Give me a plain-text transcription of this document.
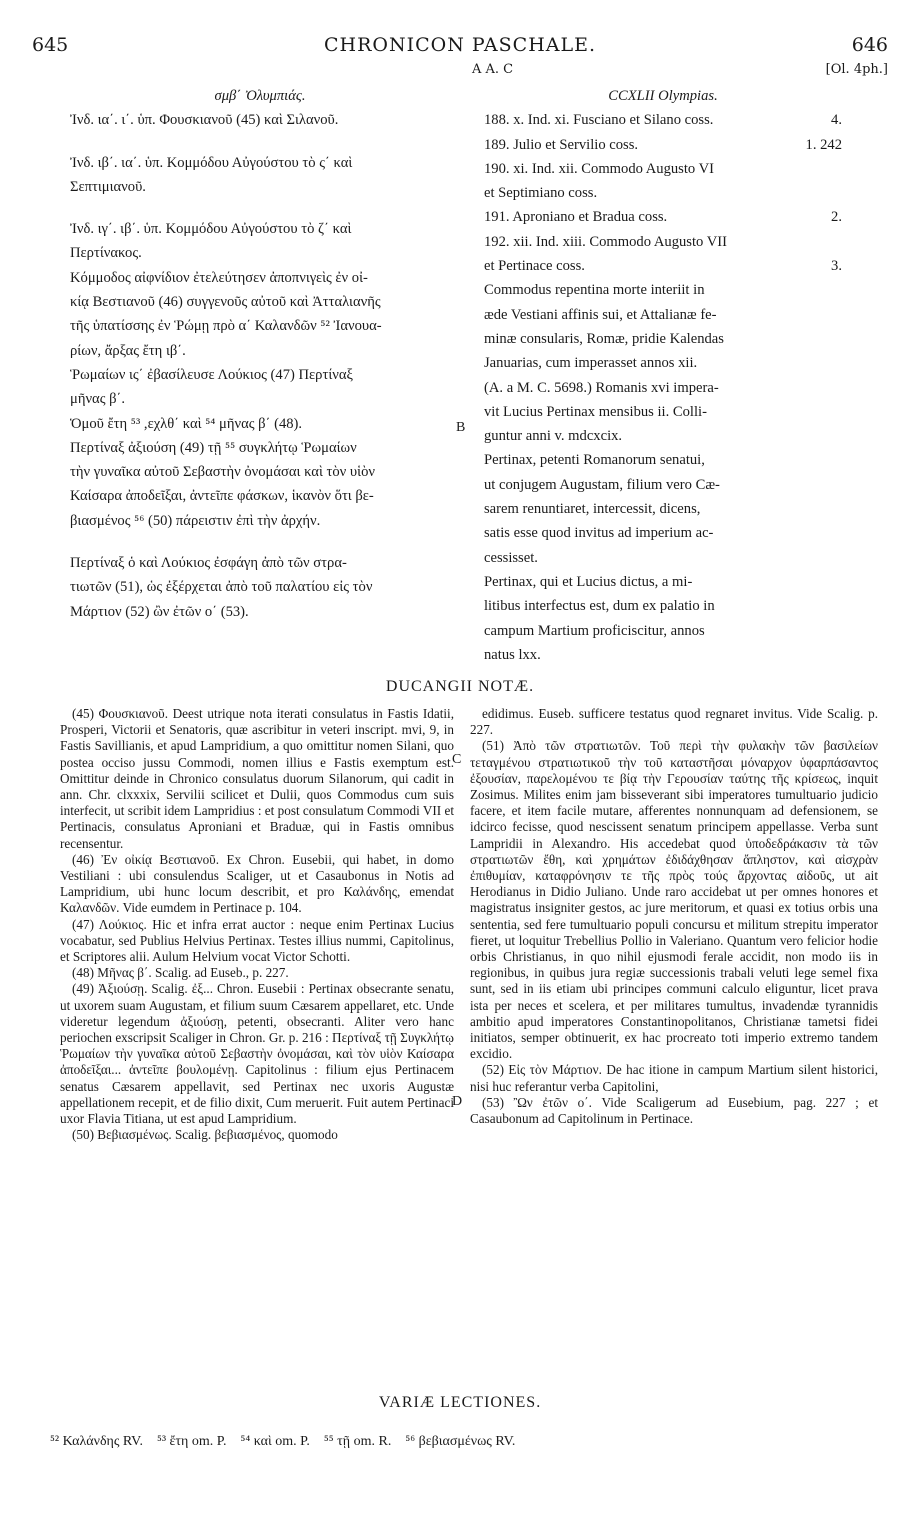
645	CHRONICON PASCHALE.	646
A A. C	[Ol. 4ph.]

σμβ΄ Ὀλυμπιάς.

Ἰνδ. ια΄. ι΄. ὑπ. Φουσκιανοῦ (45) καὶ Σιλανοῦ.

Ἰνδ. ιβ΄. ια΄. ὑπ. Κομμόδου Αὐγούστου τὸ ς΄ καὶ

Σεπτιμιανοῦ.

Ἰνδ. ιγ΄. ιβ΄. ὑπ. Κομμόδου Αὐγούστου τὸ ζ΄ καὶ

Περτίνακος.

Κόμμοδος αἰφνίδιον ἐτελεύτησεν ἀποπνιγεὶς ἐν οἰ-

κίᾳ Βεστιανοῦ (46) συγγενοῦς αὐτοῦ καὶ Ἀτταλιανῆς

τῆς ὑπατίσσης ἐν Ῥώμῃ πρὸ α΄ Καλανδῶν ⁵² Ἰανουα-

ρίων, ἄρξας ἔτη ιβ΄.

Ῥωμαίων ις΄ ἐβασίλευσε Λούκιος (47) Περτίναξ

μῆνας β΄.

Ὁμοῦ ἔτη ⁵³ ,εχλθ΄ καὶ ⁵⁴ μῆνας β΄ (48).

Περτίναξ ἀξιούση (49) τῇ ⁵⁵ συγκλήτῳ Ῥωμαίων

τὴν γυναῖκα αὐτοῦ Σεβαστὴν ὀνομάσαι καὶ τὸν υἱὸν

Καίσαρα ἀποδεῖξαι, ἀντεῖπε φάσκων, ἱκανὸν ὅτι βε-

βιασμένος ⁵⁶ (50) πάρειστιν ἐπὶ τὴν ἀρχήν.

Περτίναξ ὁ καὶ Λούκιος ἐσφάγη ἀπὸ τῶν στρα-

τιωτῶν (51), ὡς ἐξέρχεται ἀπὸ τοῦ παλατίου εἰς τὸν

Μάρτιον (52) ὢν ἐτῶν ο΄ (53).

CCXLII Olympias.

188. x. Ind. xi. Fusciano et Silano coss.	4.
189. Julio et Servilio coss.	1. 242
190. xi. Ind. xii. Commodo Augusto VI
et Septimiano coss.
191. Aproniano et Bradua coss.	2.
192. xii. Ind. xiii. Commodo Augusto VII
et Pertinace coss.	3.
Commodus repentina morte interiit in
æde Vestiani affinis sui, et Attalianæ fe-
minæ consularis, Romæ, pridie Kalendas
Januarias, cum imperasset annos xii.
(A. a M. C. 5698.) Romanis xvi impera-
vit Lucius Pertinax mensibus ii. Colli-
guntur anni v. mdcxcix.
Pertinax, petenti Romanorum senatui,
ut conjugem Augustam, filium vero Cæ-
sarem renuntiaret, intercessit, dicens,
satis esse quod invitus ad imperium ac-
cessisset.
Pertinax, qui et Lucius dictus, a mi-
litibus interfectus est, dum ex palatio in
campum Martium proficiscitur, annos
natus lxx.
B
DUCANGII NOTÆ.
C
D

(45) Φουσκιανοῦ. Deest utrique nota iterati consulatus in Fastis Idatii, Prosperi, Victorii et Senatoris, quæ ascribitur in veteri inscript. mvi, 9, in Fastis Savillianis, et apud Lampridium, a quo omittitur nomen Silani, quo postea occiso jussu Commodi, nomen illius e Fastis exemptum est. Omittitur deinde in Chronico consulatus duorum Silanorum, qui cadit in ann. Chr. clxxxix, Servilii scilicet et Dulii, quos Commodus cum suis interfecit, ut scribit idem Lampridius : et post consulatum Commodi VII et Pertinacis, consulatus Aproniani et Braduæ, qui in Fastis omnibus recensentur.

(46) Ἐν οἰκίᾳ Βεστιανοῦ. Ex Chron. Eusebii, qui habet, in domo Vestiliani : ubi consulendus Scaliger, ut et Casaubonus in Notis ad Lampridium, ubi hunc locum describit, et pro Καλάνδης, emendat Καλανδῶν. Vide eumdem in Pertinace p. 104.

(47) Λούκιος. Hic et infra errat auctor : neque enim Pertinax Lucius vocabatur, sed Publius Helvius Pertinax. Testes illius nummi, Capitolinus, et Scriptores alii. Aulum Helvium vocat Victor Schotti.

(48) Μῆνας β΄. Scalig. ad Euseb., p. 227.

(49) Ἀξιούσῃ. Scalig. ἐξ... Chron. Eusebii : Pertinax obsecrante senatu, ut uxorem suam Augustam, et filium suum Cæsarem appellaret, etc. Unde videretur legendum ἀξιούσῃ, petenti, obsecranti. Aliter vero hanc periochen exscripsit Scaliger in Chron. Gr. p. 216 : Περτίναξ τῇ Συγκλήτῳ Ῥωμαίων τὴν γυναῖκα αὐτοῦ Σεβαστὴν ὀνομάσαι, καὶ τὸν υἱὸν Καίσαρα ἀποδεῖξαι... ἀντεῖπε βουλομένῃ. Capitolinus : filium ejus Pertinacem senatus Cæsarem appellavit, sed Pertinax nec uxoris Augustæ appellationem recepit, et de filio dixit, Cum meruerit. Fuit autem Pertinaci uxor Flavia Titiana, ut est apud Lampridium.

(50) Βεβιασμένως. Scalig. βεβιασμένος, quomodo

edidimus. Euseb. sufficere testatus quod regnaret invitus. Vide Scalig. p. 227.

(51) Ἀπὸ τῶν στρατιωτῶν. Τοῦ περὶ τὴν φυλακὴν τῶν βασιλείων τεταγμένου στρατιωτικοῦ τὴν τοῦ καταστῆσαι μόναρχον ὑφαρπάσαντος ἐξουσίαν, παρελομένου τε βίᾳ τὴν Γερουσίαν ταύτης τῆς κρίσεως, inquit Zosimus. Milites enim jam bisseverant sibi imperatores tumultuario judicio facere, et item facile mutare, afferentes nonnunquam ad defensionem, se idcirco fecisse, quod nescissent senatum principem appellasse. Verba sunt Lampridii in Alexandro. His accedebat quod ὑποδεδράκασιν τὰ τῶν στρατιωτῶν ἔθη, καὶ χρημάτων ἐδιδάχθησαν ἄπληστον, καὶ αἰσχρὰν ἐπιθυμίαν, καταφρόνησιν τε τῆς πρὸς τούς ἄρχοντας αἰδοῦς, ut ait Herodianus in Didio Juliano. Unde raro accidebat ut per omnes honores et magistratus insigniter gestos, ac jure meritorum, et quasi ex totius orbis una sententia, sed fere tumultuario populi concursu et militum strepitu imperator fieret, ut loquitur Trebellius Pollio in Valeriano. Quantum vero felicior hodie orbis Christianus, in quo nihil ejusmodi ferale accidit, non modo iis in regionibus, in quibus jura regiæ successionis trabali veluti lege semel fixa sunt, sed in iis etiam ubi principes communi calculo eliguntur, licet prava ista per neces et scelera, et per militares tumultus, invadendæ tyrannidis ambitio apud imperatores Constantinopolitanos, Christianæ tametsi fidei initiatos, semper obtinuerit, ex hac procreato toti imperio extremo tandem excidio.

(52) Εἰς τὸν Μάρτιον. De hac itione in campum Martium silent historici, nisi huc referantur verba Capitolini,

(53) Ὢν ἐτῶν ο΄. Vide Scaligerum ad Eusebium, pag. 227 ; et Casaubonum ad Capitolinum in Pertinace.

VARIÆ LECTIONES.
⁵² Καλάνδης RV. ⁵³ ἔτη om. P. ⁵⁴ καὶ om. P. ⁵⁵ τῇ om. R. ⁵⁶ βεβιασμένως RV.
